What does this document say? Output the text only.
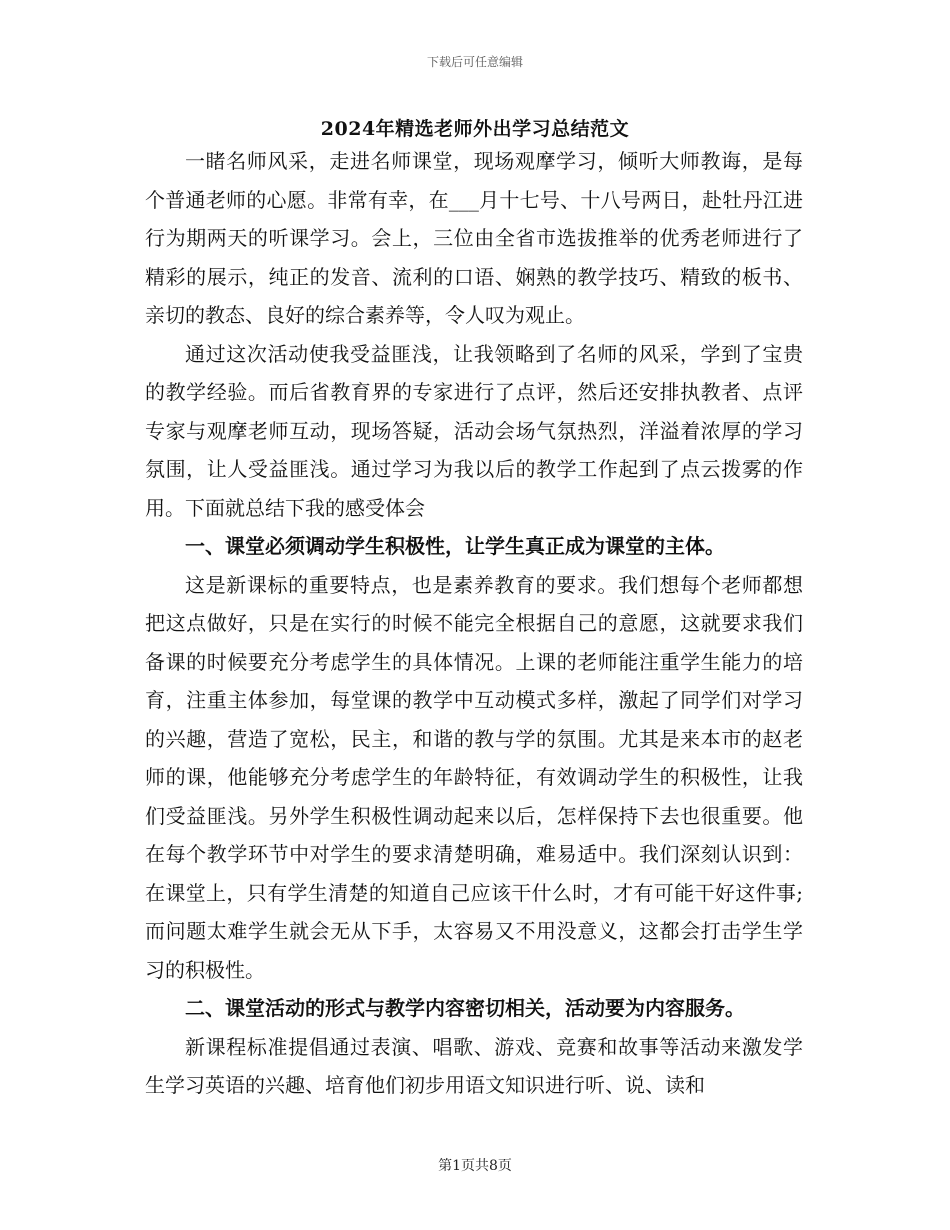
下载后可任意编辑
2024年精选老师外出学习总结范文

一睹名师风采，走进名师课堂，现场观摩学习，倾听大师教诲，是每个普通老师的心愿。非常有幸，在___月十七号、十八号两日，赴牡丹江进行为期两天的听课学习。会上，三位由全省市选拔推举的优秀老师进行了精彩的展示，纯正的发音、流利的口语、娴熟的教学技巧、精致的板书、亲切的教态、良好的综合素养等，令人叹为观止。

通过这次活动使我受益匪浅，让我领略到了名师的风采，学到了宝贵的教学经验。而后省教育界的专家进行了点评，然后还安排执教者、点评专家与观摩老师互动，现场答疑，活动会场气氛热烈，洋溢着浓厚的学习氛围，让人受益匪浅。通过学习为我以后的教学工作起到了点云拨雾的作用。下面就总结下我的感受体会

一、课堂必须调动学生积极性，让学生真正成为课堂的主体。

这是新课标的重要特点，也是素养教育的要求。我们想每个老师都想把这点做好，只是在实行的时候不能完全根据自己的意愿，这就要求我们备课的时候要充分考虑学生的具体情况。上课的老师能注重学生能力的培育，注重主体参加，每堂课的教学中互动模式多样，激起了同学们对学习的兴趣，营造了宽松，民主，和谐的教与学的氛围。尤其是来本市的赵老师的课，他能够充分考虑学生的年龄特征，有效调动学生的积极性，让我们受益匪浅。另外学生积极性调动起来以后，怎样保持下去也很重要。他在每个教学环节中对学生的要求清楚明确，难易适中。我们深刻认识到：在课堂上，只有学生清楚的知道自己应该干什么时，才有可能干好这件事;而问题太难学生就会无从下手，太容易又不用没意义，这都会打击学生学习的积极性。

二、课堂活动的形式与教学内容密切相关，活动要为内容服务。

新课程标准提倡通过表演、唱歌、游戏、竞赛和故事等活动来激发学生学习英语的兴趣、培育他们初步用语文知识进行听、说、读和

第1页共8页
